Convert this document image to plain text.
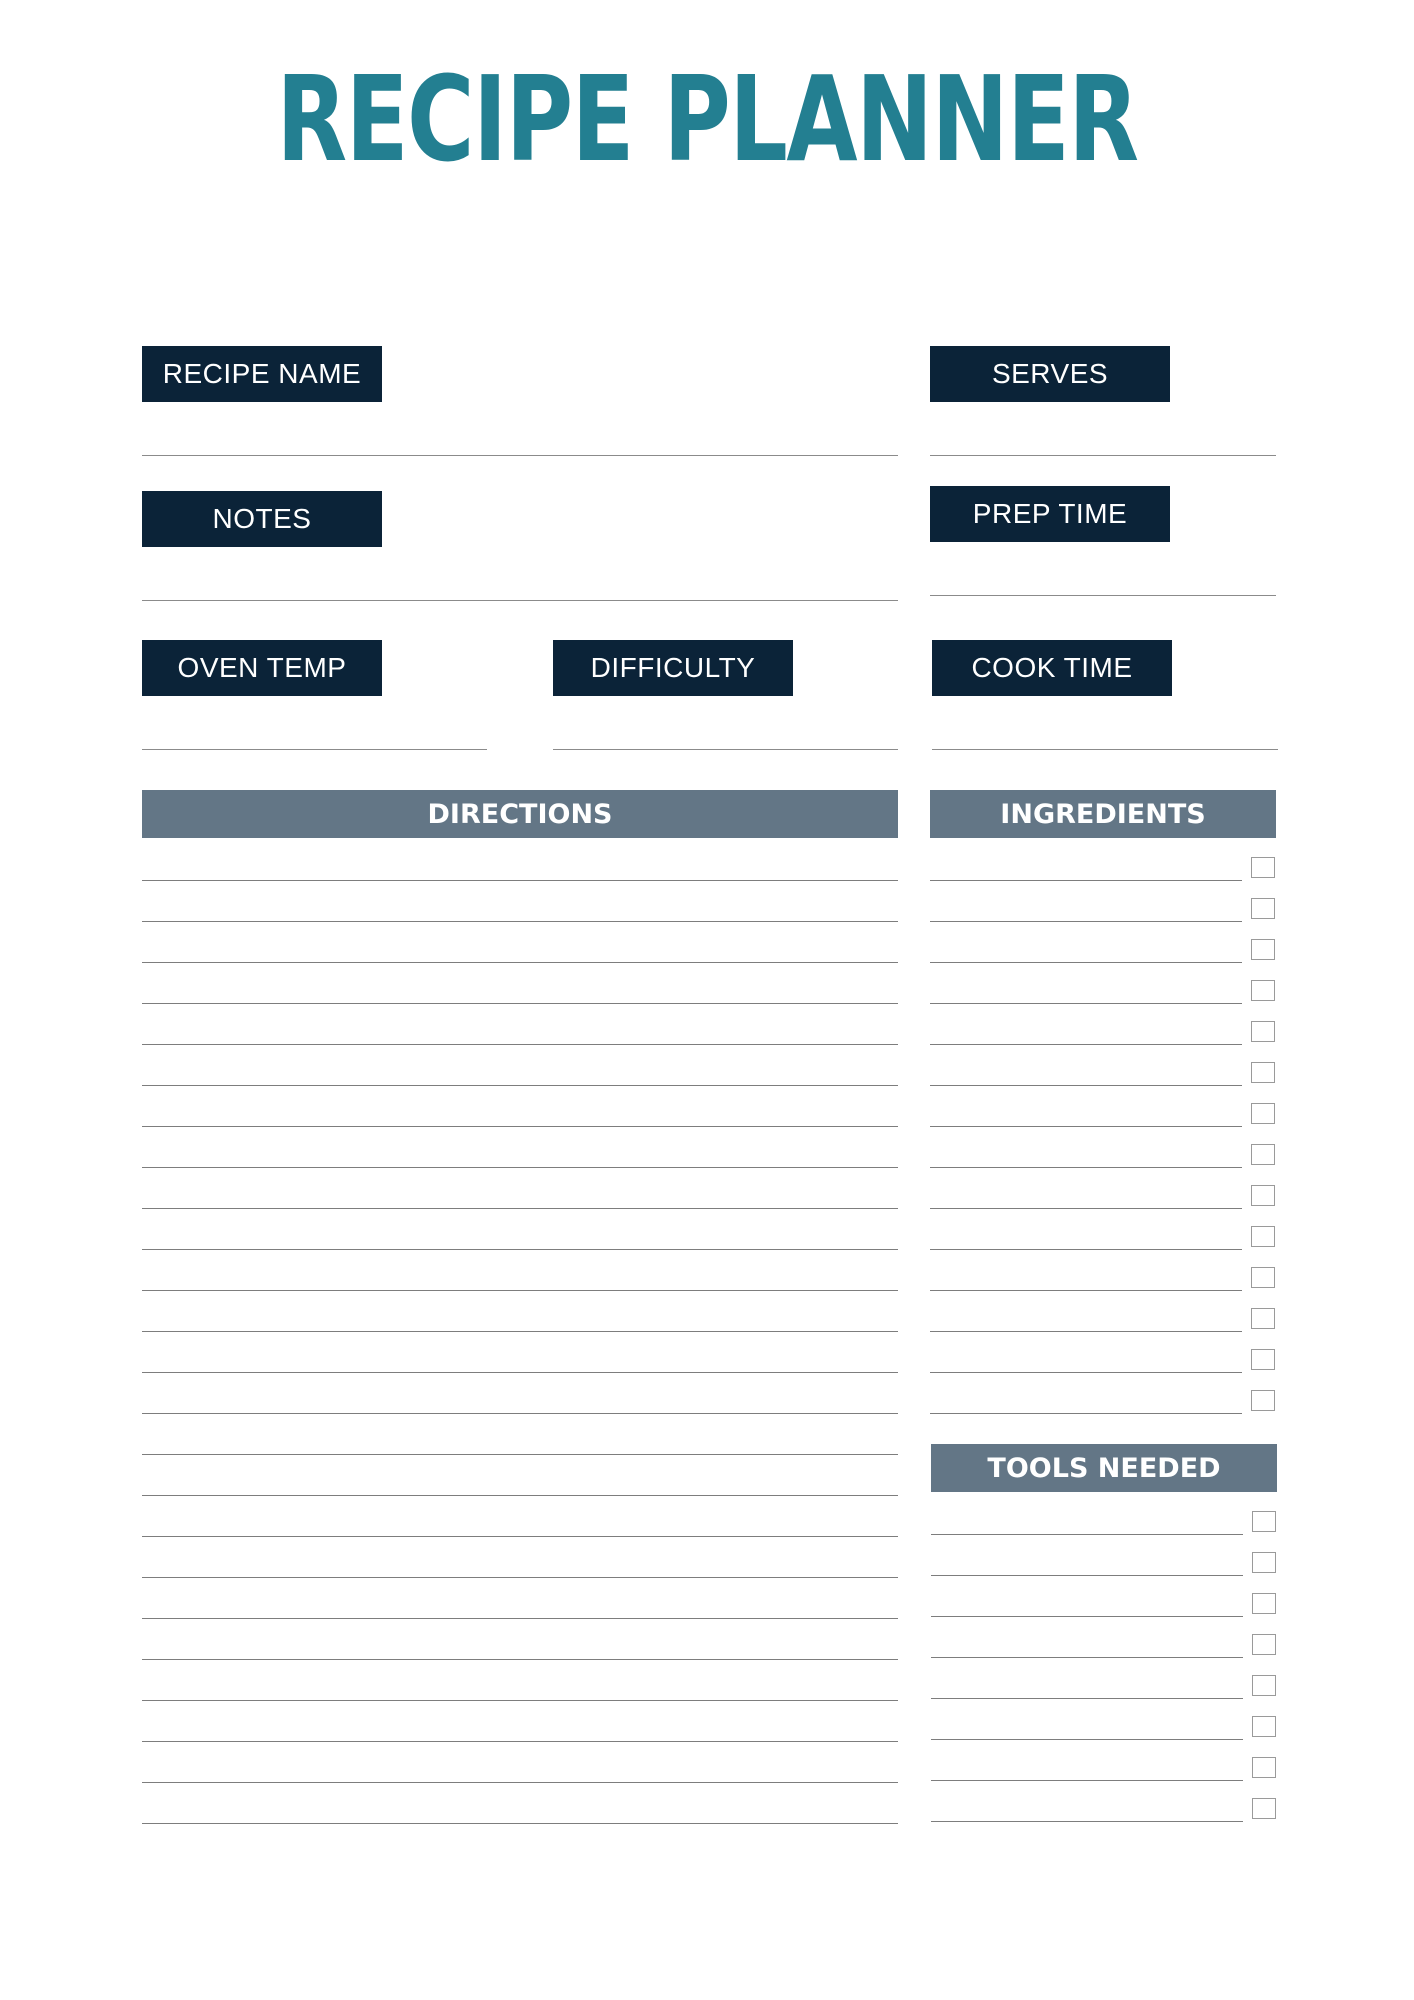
RECIPE PLANNER
RECIPE NAME	SERVES
NOTES	PREP TIME
OVEN TEMP	DIFFICULTY	COOK TIME
DIRECTIONS	INGREDIENTS
TOOLS NEEDED
